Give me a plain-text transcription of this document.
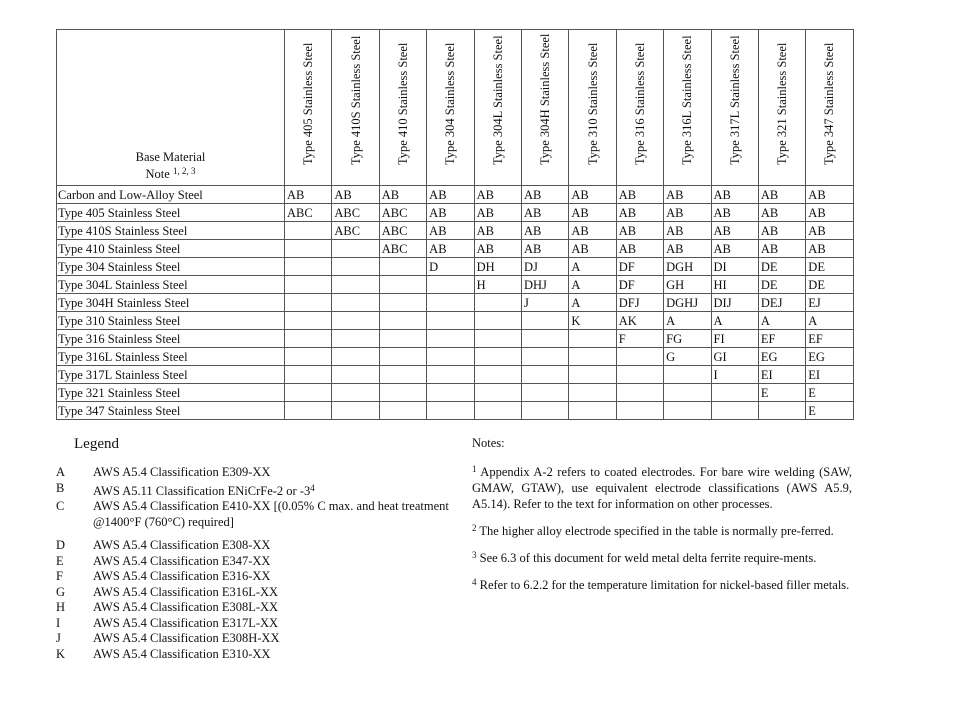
Base Material
Note $^{1, 2, 3}$	Type 405 Stainless Steel	Type 410S Stainless Steel	Type 410 Stainless Steel	Type 304 Stainless Steel	Type 304L Stainless Steel	Type 304H Stainless Steel	Type 310 Stainless Steel	Type 316 Stainless Steel	Type 316L Stainless Steel	Type 317L Stainless Steel	Type 321 Stainless Steel	Type 347 Stainless Steel

Carbon and Low-Alloy Steel	AB	AB	AB	AB	AB	AB	AB	AB	AB	AB	AB	AB
Type 405 Stainless Steel	ABC	ABC	ABC	AB	AB	AB	AB	AB	AB	AB	AB	AB
Type 410S Stainless Steel		ABC	ABC	AB	AB	AB	AB	AB	AB	AB	AB	AB
Type 410 Stainless Steel			ABC	AB	AB	AB	AB	AB	AB	AB	AB	AB
Type 304 Stainless Steel				D	DH	DJ	A	DF	DGH	DI	DE	DE
Type 304L Stainless Steel					H	DHJ	A	DF	GH	HI	DE	DE
Type 304H Stainless Steel						J	A	DFJ	DGHJ	DIJ	DEJ	EJ
Type 310 Stainless Steel							K	AK	A	A	A	A
Type 316 Stainless Steel								F	FG	FI	EF	EF
Type 316L Stainless Steel									G	GI	EG	EG
Type 317L Stainless Steel										I	EI	EI
Type 321 Stainless Steel											E	E
Type 347 Stainless Steel												E
Legend
A	AWS A5.4 Classification E309-XX
B	AWS A5.11 Classification ENiCrFe-2 or $-3^4$
C	AWS A5.4 Classification E410-XX [(0.05% C max. and heat treatment @1400°F (760°C) required]
D	AWS A5.4 Classification E308-XX
E	AWS A5.4 Classification E347-XX
F	AWS A5.4 Classification E316-XX
G	AWS A5.4 Classification E316L-XX
H	AWS A5.4 Classification E308L-XX
I	AWS A5.4 Classification E317L-XX
J	AWS A5.4 Classification E308H-XX
K	AWS A5.4 Classification E310-XX
Notes:
$^1$ Appendix A-2 refers to coated electrodes. For bare wire welding (SAW, GMAW, GTAW), use equivalent electrode classifications (AWS A5.9, A5.14). Refer to the text for information on other processes.
$^2$ The higher alloy electrode specified in the table is normally pre-ferred.
$^3$ See 6.3 of this document for weld metal delta ferrite require-ments.
$^4$ Refer to 6.2.2 for the temperature limitation for nickel-based filler metals.
